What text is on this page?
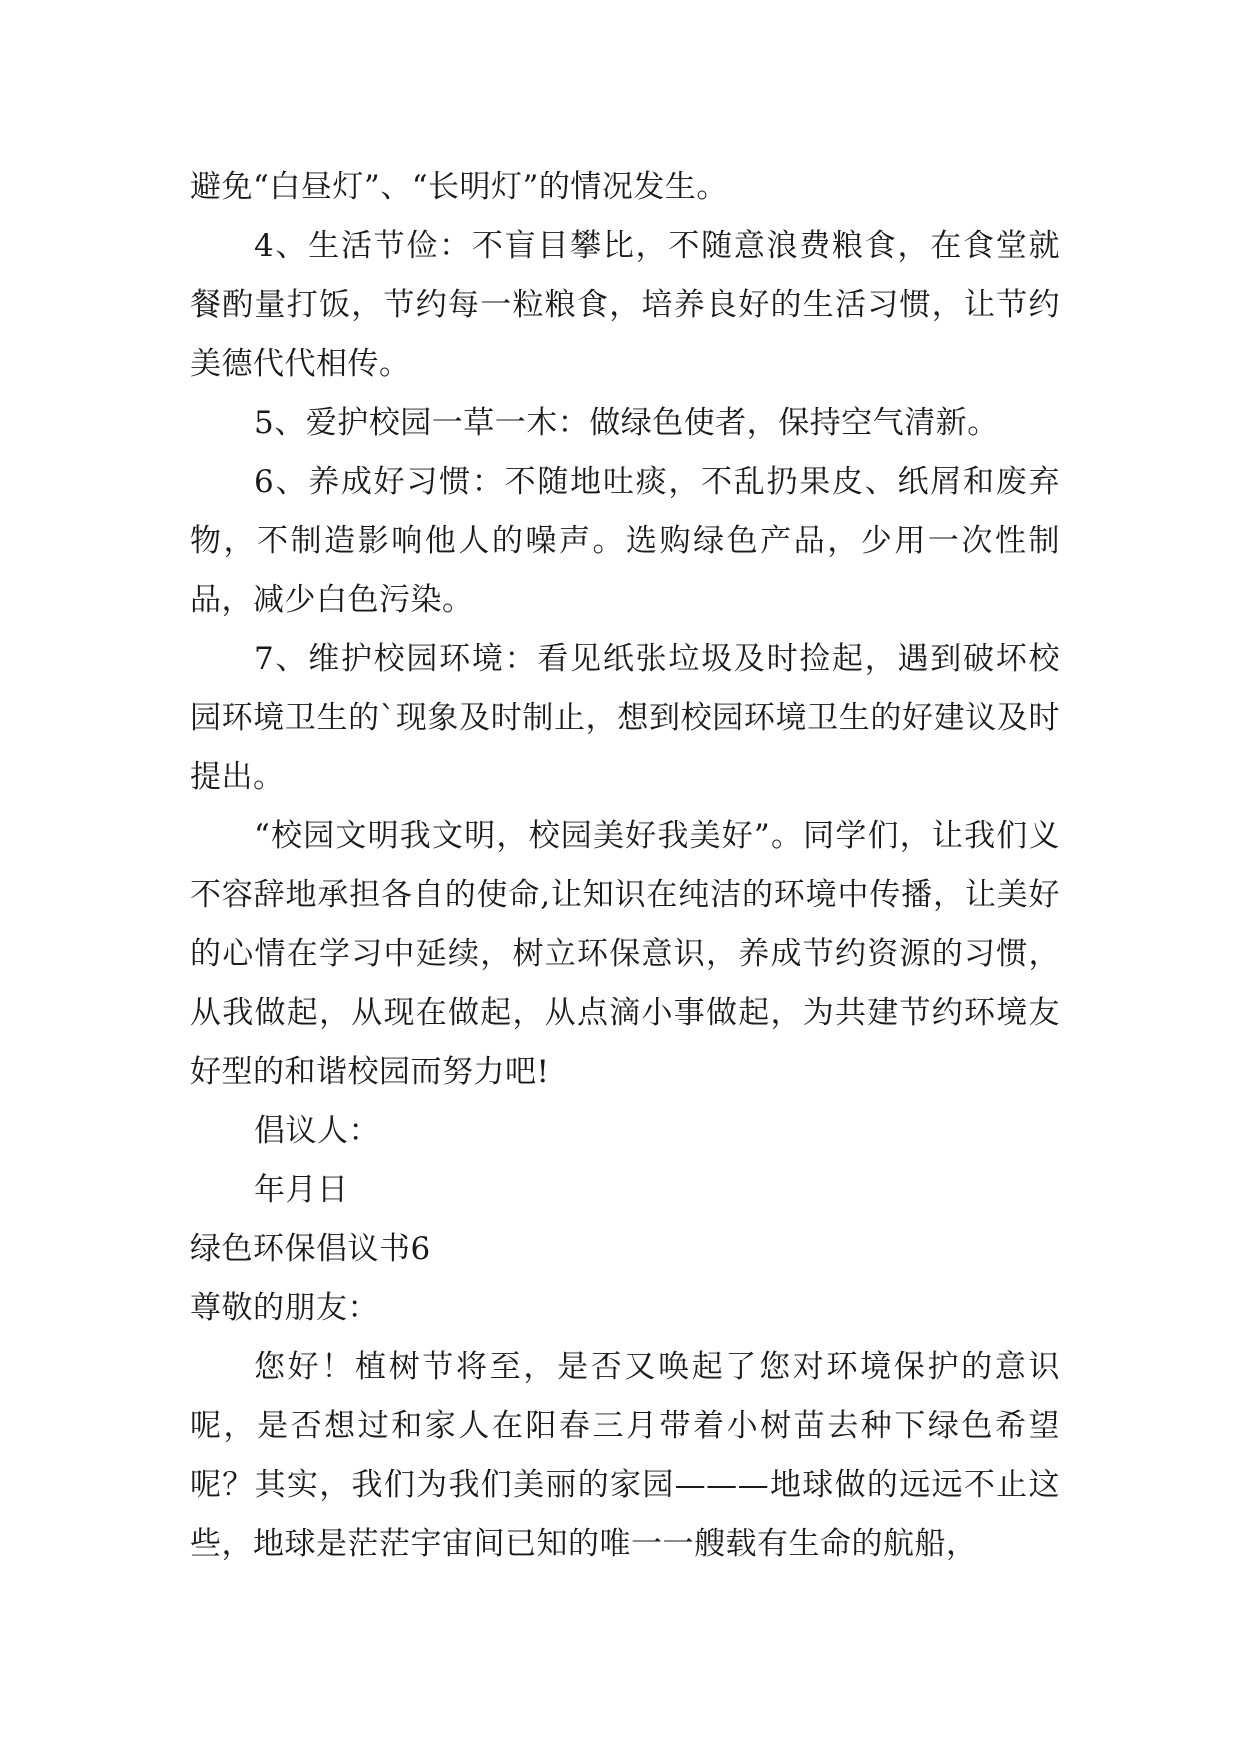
避免“白昼灯”、“长明灯”的情况发生。

4、生活节俭：不盲目攀比，不随意浪费粮食，在食堂就餐酌量打饭，节约每一粒粮食，培养良好的生活习惯，让节约美德代代相传。

5、爱护校园一草一木：做绿色使者，保持空气清新。

6、养成好习惯：不随地吐痰，不乱扔果皮、纸屑和废弃物，不制造影响他人的噪声。选购绿色产品，少用一次性制品，减少白色污染。

7、维护校园环境：看见纸张垃圾及时捡起，遇到破坏校园环境卫生的`现象及时制止，想到校园环境卫生的好建议及时提出。

“校园文明我文明，校园美好我美好”。同学们，让我们义不容辞地承担各自的使命,让知识在纯洁的环境中传播，让美好的心情在学习中延续，树立环保意识，养成节约资源的习惯，从我做起，从现在做起，从点滴小事做起，为共建节约环境友好型的和谐校园而努力吧!

倡议人：

年月日

绿色环保倡议书6

尊敬的朋友：

您好！植树节将至，是否又唤起了您对环境保护的意识呢，是否想过和家人在阳春三月带着小树苗去种下绿色希望呢？其实，我们为我们美丽的家园———地球做的远远不止这些，地球是茫茫宇宙间已知的唯一一艘载有生命的航船，
